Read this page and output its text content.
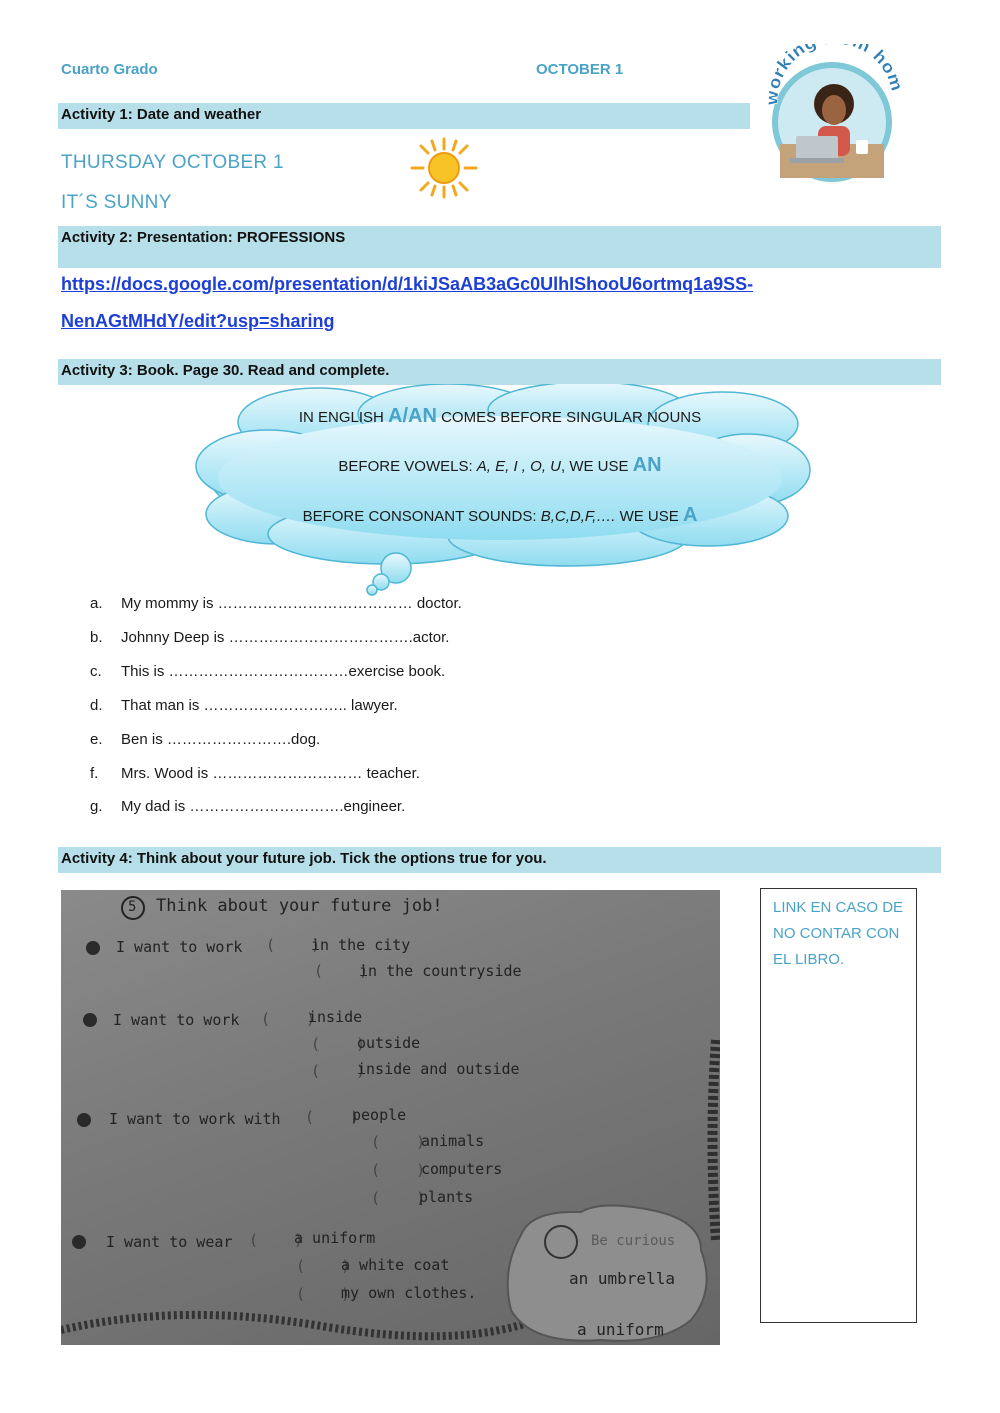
Cuarto Grado	OCTOBER 1
workin m ho
Activity 1: Date and weather
THURSDAY OCTOBER 1
IT´S SUNNY
Activity 2: Presentation: PROFESSIONS
https://docs.google.com/presentation/d/1kiJSaAB3aGc0UlhIShooU6ortmq1a9SS-
NenAGtMHdY/edit?usp=sharing
Activity 3: Book. Page 30. Read and complete.
IN ENGLISH A/AN COMES BEFORE SINGULAR NOUNS
BEFORE VOWELS: A, E, I , O, U, WE USE AN
BEFORE CONSONANT SOUNDS: B,C,D,F,…. WE USE A
a. My mommy is ………………………………… doctor.
b. Johnny Deep is ……………………………….actor.
c. This is ………………………………exercise book.
d. That man is ……………………….. lawyer.
e. Ben is …………………….dog.
f. Mrs. Wood is ………………………… teacher.
g. My dad is ………………………….engineer.
Activity 4: Think about your future job. Tick the options true for you.
5 Think about your future job!
I want to work (    )
in the city
(    )
in the countryside
I want to work (    )
inside
(    )
outside
(    )
inside and outside
I want to work with (    )
people
(    )
animals
(    )
computers
(    )
plants
I want to wear (    )
a uniform
(    )
a white coat
(    )
my own clothes.
Be curious
an umbrella
a uniform
LINK EN CASO DE NO CONTAR CON EL LIBRO.
